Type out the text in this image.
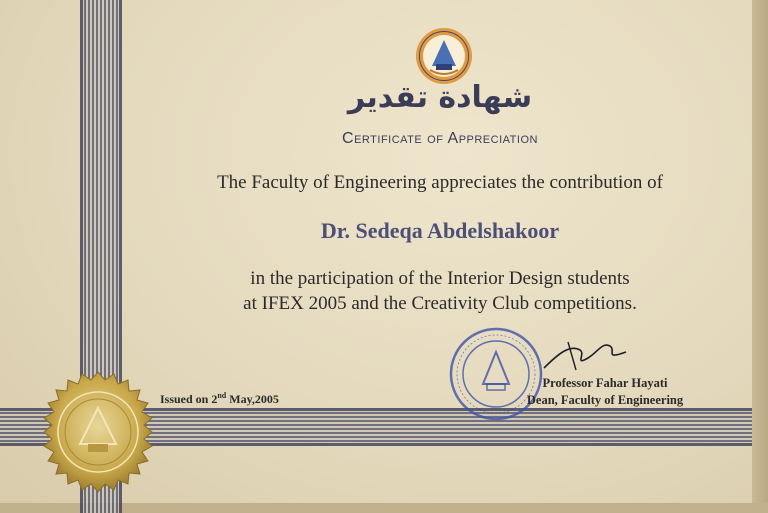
شهادة تقدير
Certificate of Appreciation
The Faculty of Engineering appreciates the contribution of
Dr. Sedeqa Abdelshakoor
in the participation of the Interior Design students
at IFEX 2005 and the Creativity Club competitions.
Issued on 2nd May,2005
Professor Fahar Hayati
Dean, Faculty of Engineering
